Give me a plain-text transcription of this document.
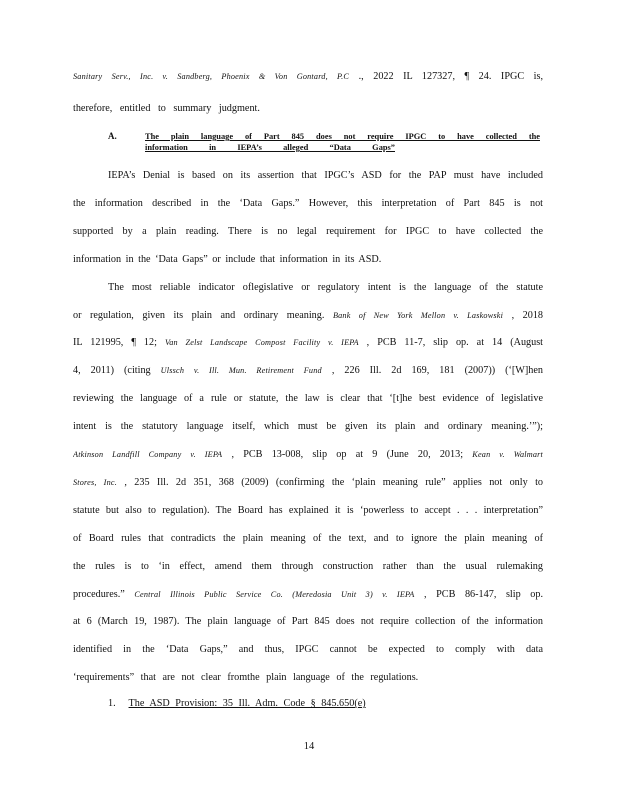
Sanitary Serv., Inc. v. Sandberg, Phoenix & Von Gontard, P.C ., 2022 IL 127327, ¶ 24. IPGC is,
therefore, entitled to summary judgment.
A.	The plain language of Part 845 does not require IPGC to have collected the
information in IEPA’s alleged “Data Gaps”
IEPA’s Denial is based on its assertion that IPGC’s ASD for the PAP must have included
the information described in the ‘Data Gaps.” However, this interpretation of Part 845 is not
supported by a plain reading. There is no legal requirement for IPGC to have collected the
information in the ‘Data Gaps” or include that information in its ASD.
The most reliable indicator oflegislative or regulatory intent is the language of the statute
or regulation, given its plain and ordinary meaning. Bank of New York Mellon v. Laskowski , 2018
IL 121995, ¶ 12; Van Zelst Landscape Compost Facility v. IEPA , PCB 11-7, slip op. at 14 (August
4, 2011) (citing Ulssch v. Ill. Mun. Retirement Fund , 226 Ill. 2d 169, 181 (2007)) (‘[W]hen
reviewing the language of a rule or statute, the law is clear that ‘[t]he best evidence of legislative
intent is the statutory language itself, which must be given its plain and ordinary meaning.’”);
Atkinson Landfill Company v. IEPA , PCB 13-008, slip op at 9 (June 20, 2013; Kean v. Walmart
Stores, Inc. , 235 Ill. 2d 351, 368 (2009) (confirming the ‘plain meaning rule” applies not only to
statute but also to regulation). The Board has explained it is ‘powerless to accept . . . interpretation”
of Board rules that contradicts the plain meaning of the text, and to ignore the plain meaning of
the rules is to ‘in effect, amend them through construction rather than the usual rulemaking
procedures.” Central Illinois Public Service Co. (Meredosia Unit 3) v. IEPA , PCB 86-147, slip op.
at 6 (March 19, 1987). The plain language of Part 845 does not require collection of the information
identified in the ‘Data Gaps,” and thus, IPGC cannot be expected to comply with data
‘requirements” that are not clear fromthe plain language of the regulations.
1. The ASD Provision: 35 Ill. Adm. Code § 845.650(e)
14
